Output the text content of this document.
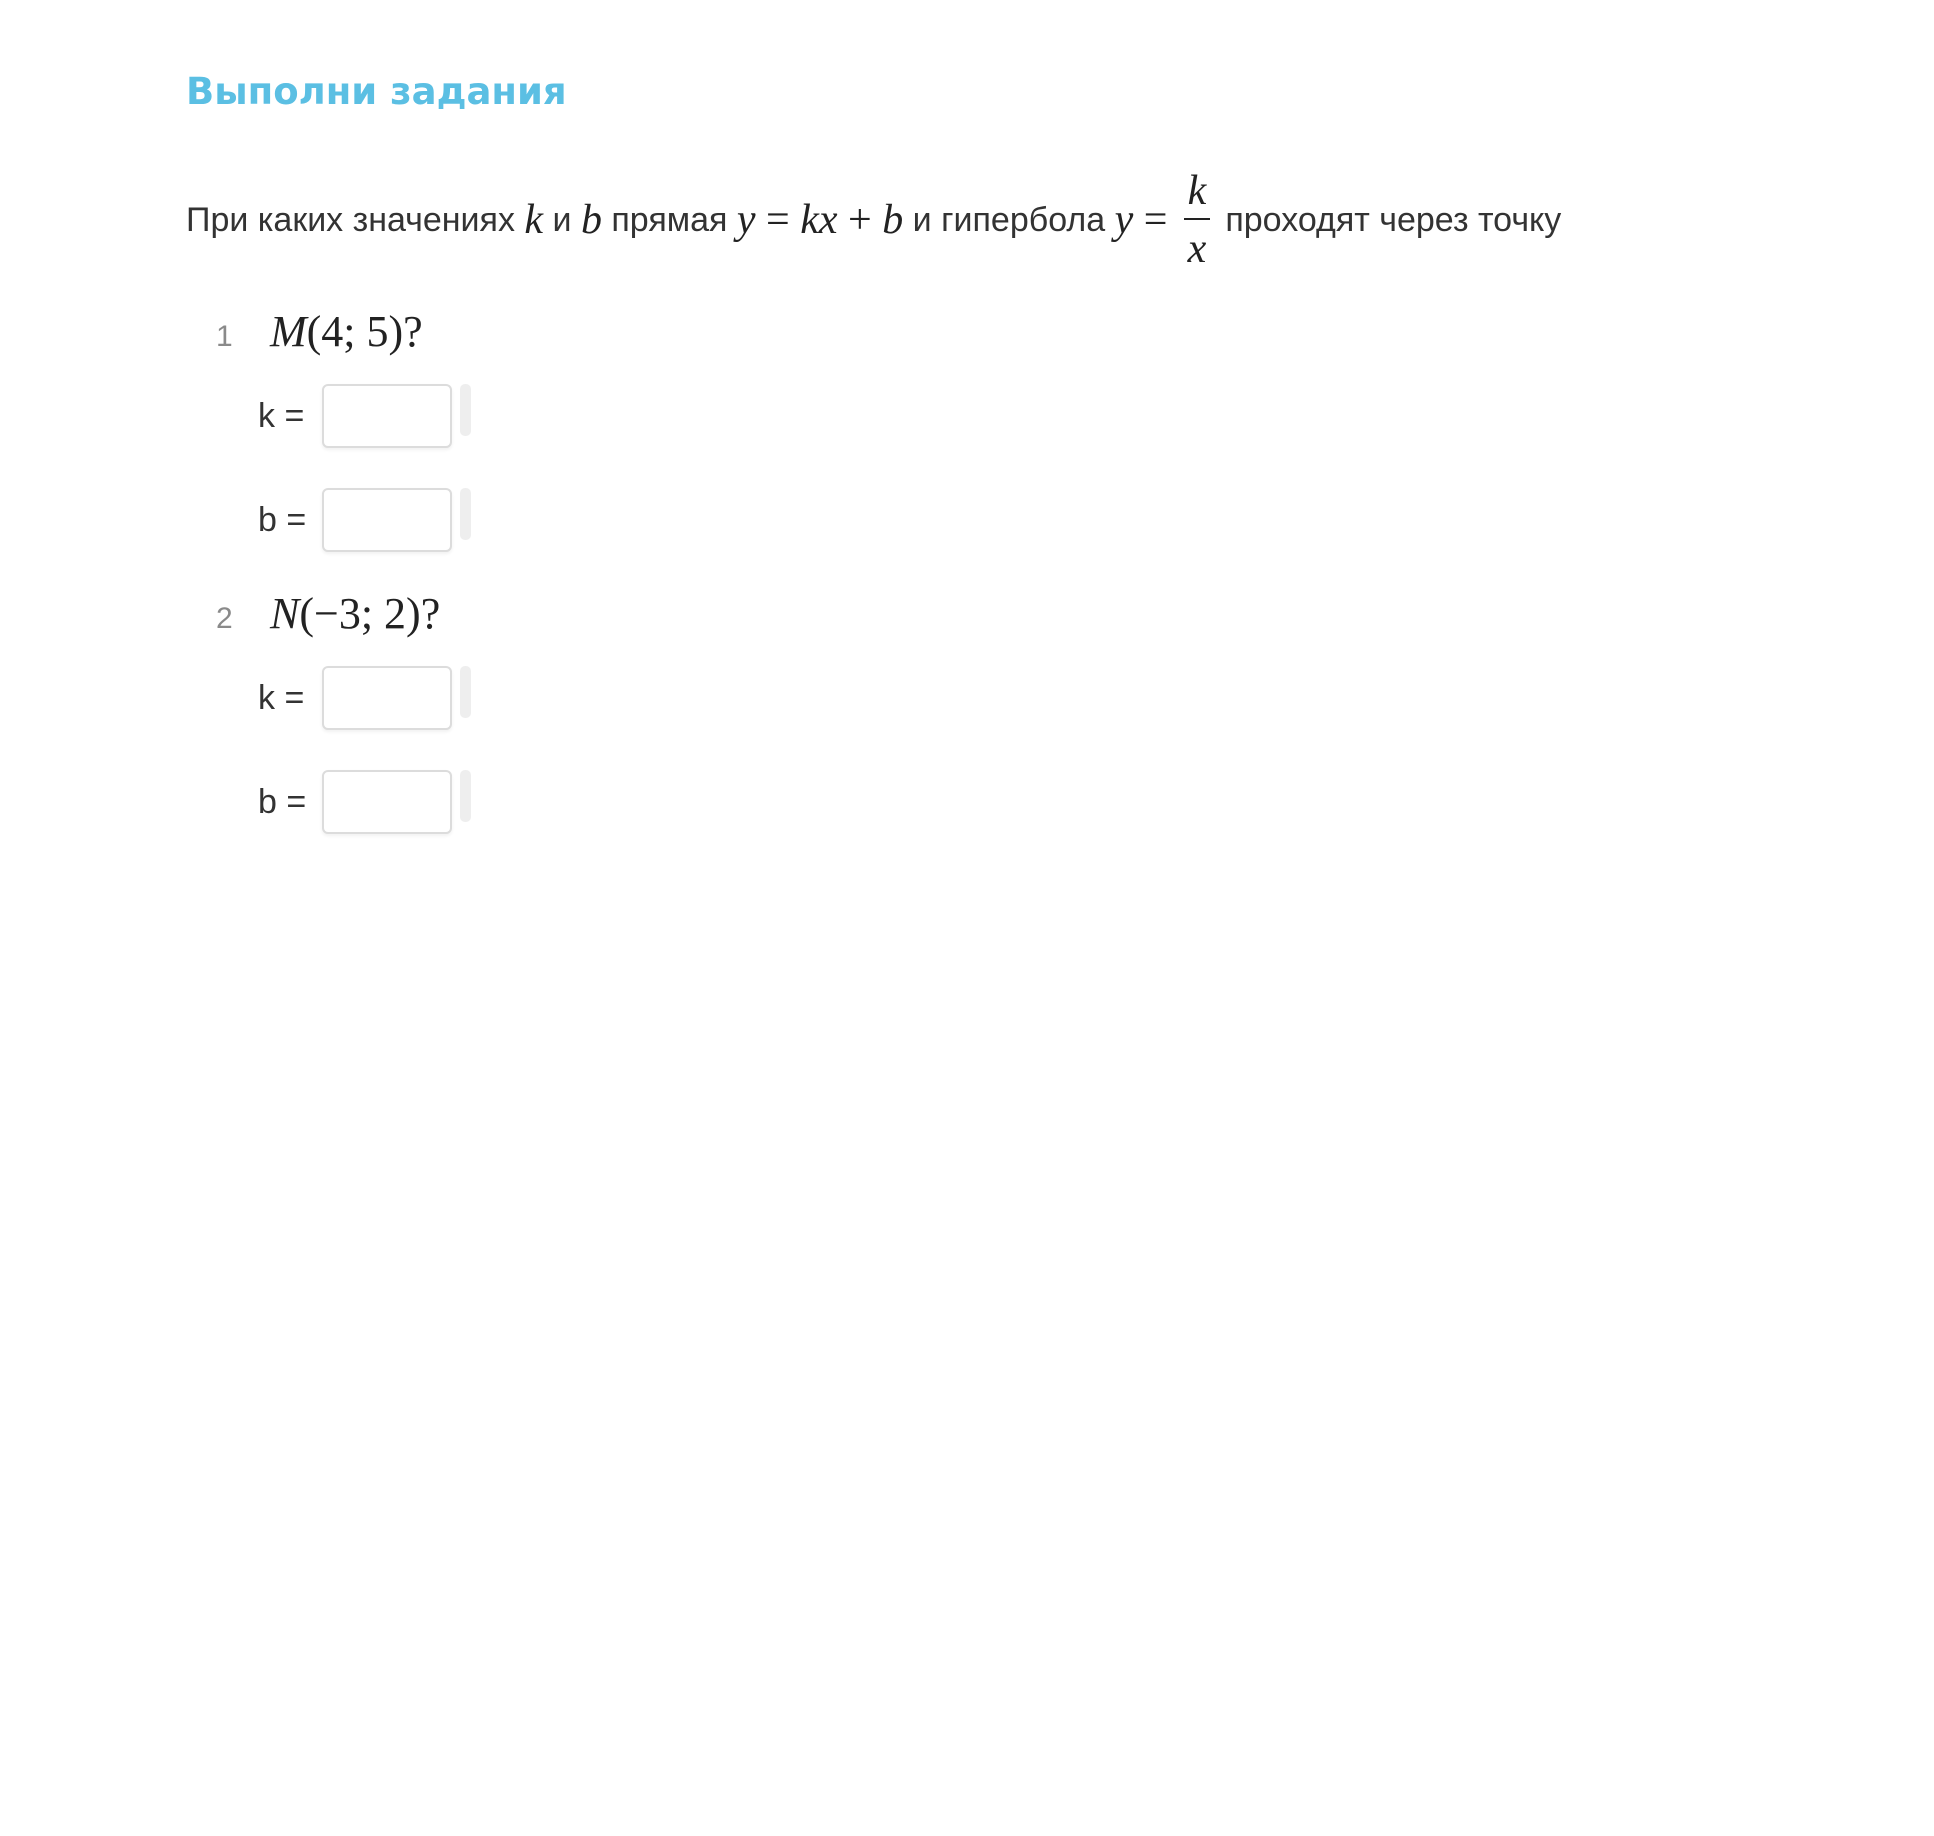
Выполни задания
При каких значениях k и b прямая y = kx + b и гипербола $y = \frac{k}{x}$ проходят через точку
1 M(4; 5)?
k =
b =
2 N(−3; 2)?
k =
b =
